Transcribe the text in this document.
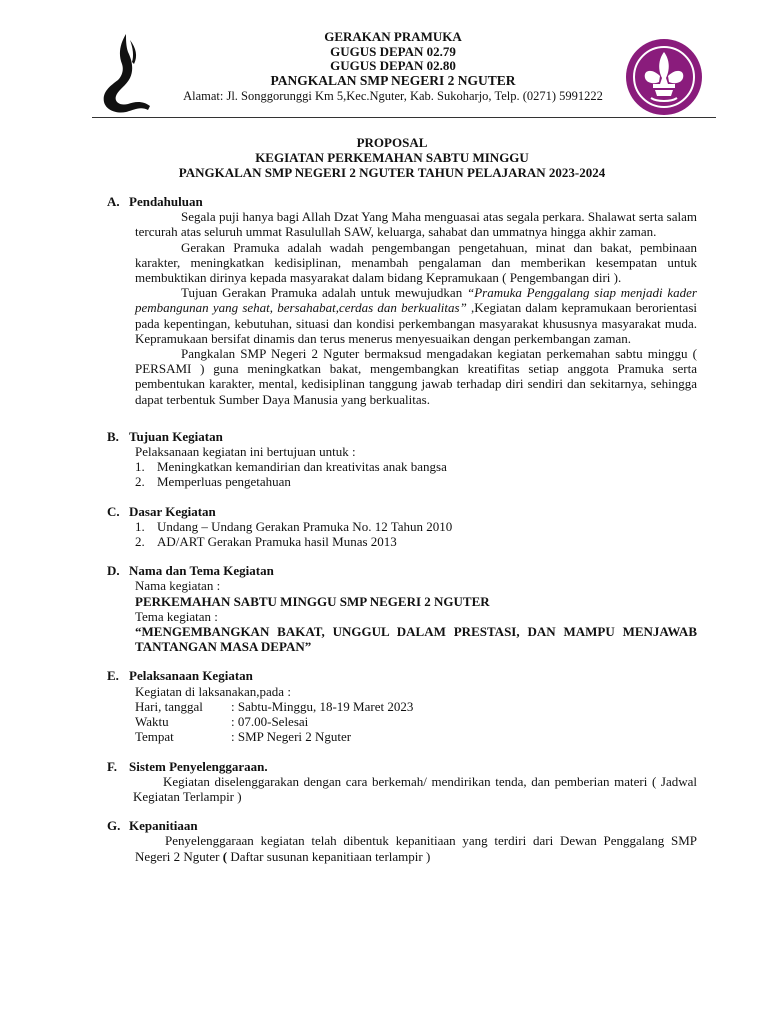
GERAKAN PRAMUKA
GUGUS DEPAN 02.79
GUGUS DEPAN 02.80
PANGKALAN SMP NEGERI 2 NGUTER
Alamat: Jl. Songgorunggi Km 5,Kec.Nguter, Kab. Sukoharjo, Telp. (0271) 5991222
PROPOSAL
KEGIATAN PERKEMAHAN SABTU MINGGU
PANGKALAN SMP NEGERI 2 NGUTER TAHUN PELAJARAN 2023-2024
A. Pendahuluan
Segala puji hanya bagi Allah Dzat Yang Maha menguasai atas segala perkara. Shalawat serta salam tercurah atas seluruh ummat Rasulullah SAW, keluarga, sahabat dan ummatnya hingga akhir zaman.
Gerakan Pramuka adalah wadah pengembangan pengetahuan, minat dan bakat, pembinaan karakter, meningkatkan kedisiplinan, menambah pengalaman dan memberikan kesempatan untuk membuktikan dirinya kepada masyarakat dalam bidang Kepramukaan ( Pengembangan diri ).
Tujuan Gerakan Pramuka adalah untuk mewujudkan “Pramuka Penggalang siap menjadi kader pembangunan yang sehat, bersahabat,cerdas dan berkualitas” ,Kegiatan dalam kepramukaan berorientasi pada kepentingan, kebutuhan, situasi dan kondisi perkembangan masyarakat khususnya masyarakat muda. Kepramukaan bersifat dinamis dan terus menerus menyesuaikan dengan perkembangan zaman.
Pangkalan SMP Negeri 2 Nguter bermaksud mengadakan kegiatan perkemahan sabtu minggu ( PERSAMI ) guna meningkatkan bakat, mengembangkan kreatifitas setiap anggota Pramuka serta pembentukan karakter, mental, kedisiplinan tanggung jawab terhadap diri sendiri dan sekitarnya, sehingga dapat terbentuk Sumber Daya Manusia yang berkualitas.
B. Tujuan Kegiatan
Pelaksanaan kegiatan ini bertujuan untuk :
1. Meningkatkan kemandirian dan kreativitas anak bangsa
2. Memperluas pengetahuan
C. Dasar Kegiatan
1. Undang – Undang Gerakan Pramuka No. 12 Tahun 2010
2. AD/ART Gerakan Pramuka hasil Munas 2013
D. Nama dan Tema Kegiatan
Nama kegiatan :
PERKEMAHAN SABTU MINGGU SMP NEGERI 2 NGUTER
Tema kegiatan :
“MENGEMBANGKAN BAKAT, UNGGUL DALAM PRESTASI, DAN MAMPU MENJAWAB TANTANGAN MASA DEPAN”
E. Pelaksanaan Kegiatan
Kegiatan di laksanakan,pada :
Hari, tanggal	: Sabtu-Minggu, 18-19 Maret 2023
Waktu	: 07.00-Selesai
Tempat	: SMP Negeri 2 Nguter
F. Sistem Penyelenggaraan.
Kegiatan diselenggarakan dengan cara berkemah/ mendirikan tenda, dan pemberian materi ( Jadwal Kegiatan Terlampir )
G. Kepanitiaan
Penyelenggaraan kegiatan telah dibentuk kepanitiaan yang terdiri dari Dewan Penggalang SMP Negeri 2 Nguter ( Daftar susunan kepanitiaan terlampir )
